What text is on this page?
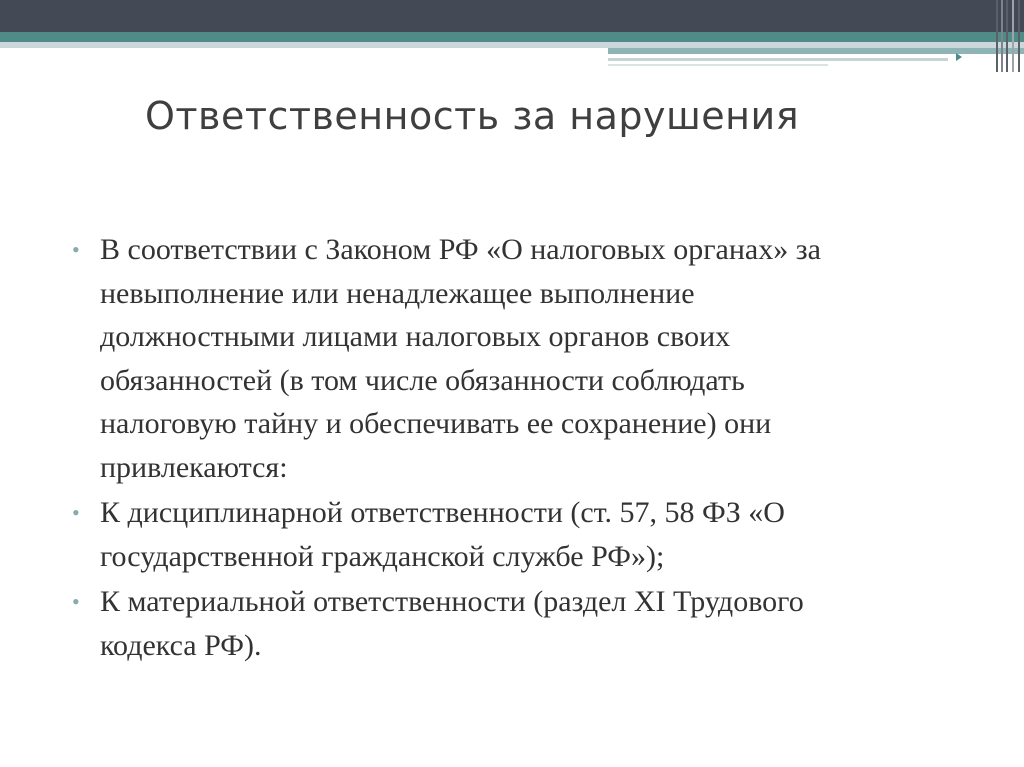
Ответственность за нарушения
• В соответствии с Законом РФ «О налоговых органах» за
невыполнение или ненадлежащее выполнение
должностными лицами налоговых органов своих
обязанностей (в том числе обязанности соблюдать
налоговую тайну и обеспечивать ее сохранение) они
привлекаются:
• К дисциплинарной ответственности (ст. 57, 58 ФЗ «О
государственной гражданской службе РФ»);
• К материальной ответственности (раздел XI Трудового
кодекса РФ).
